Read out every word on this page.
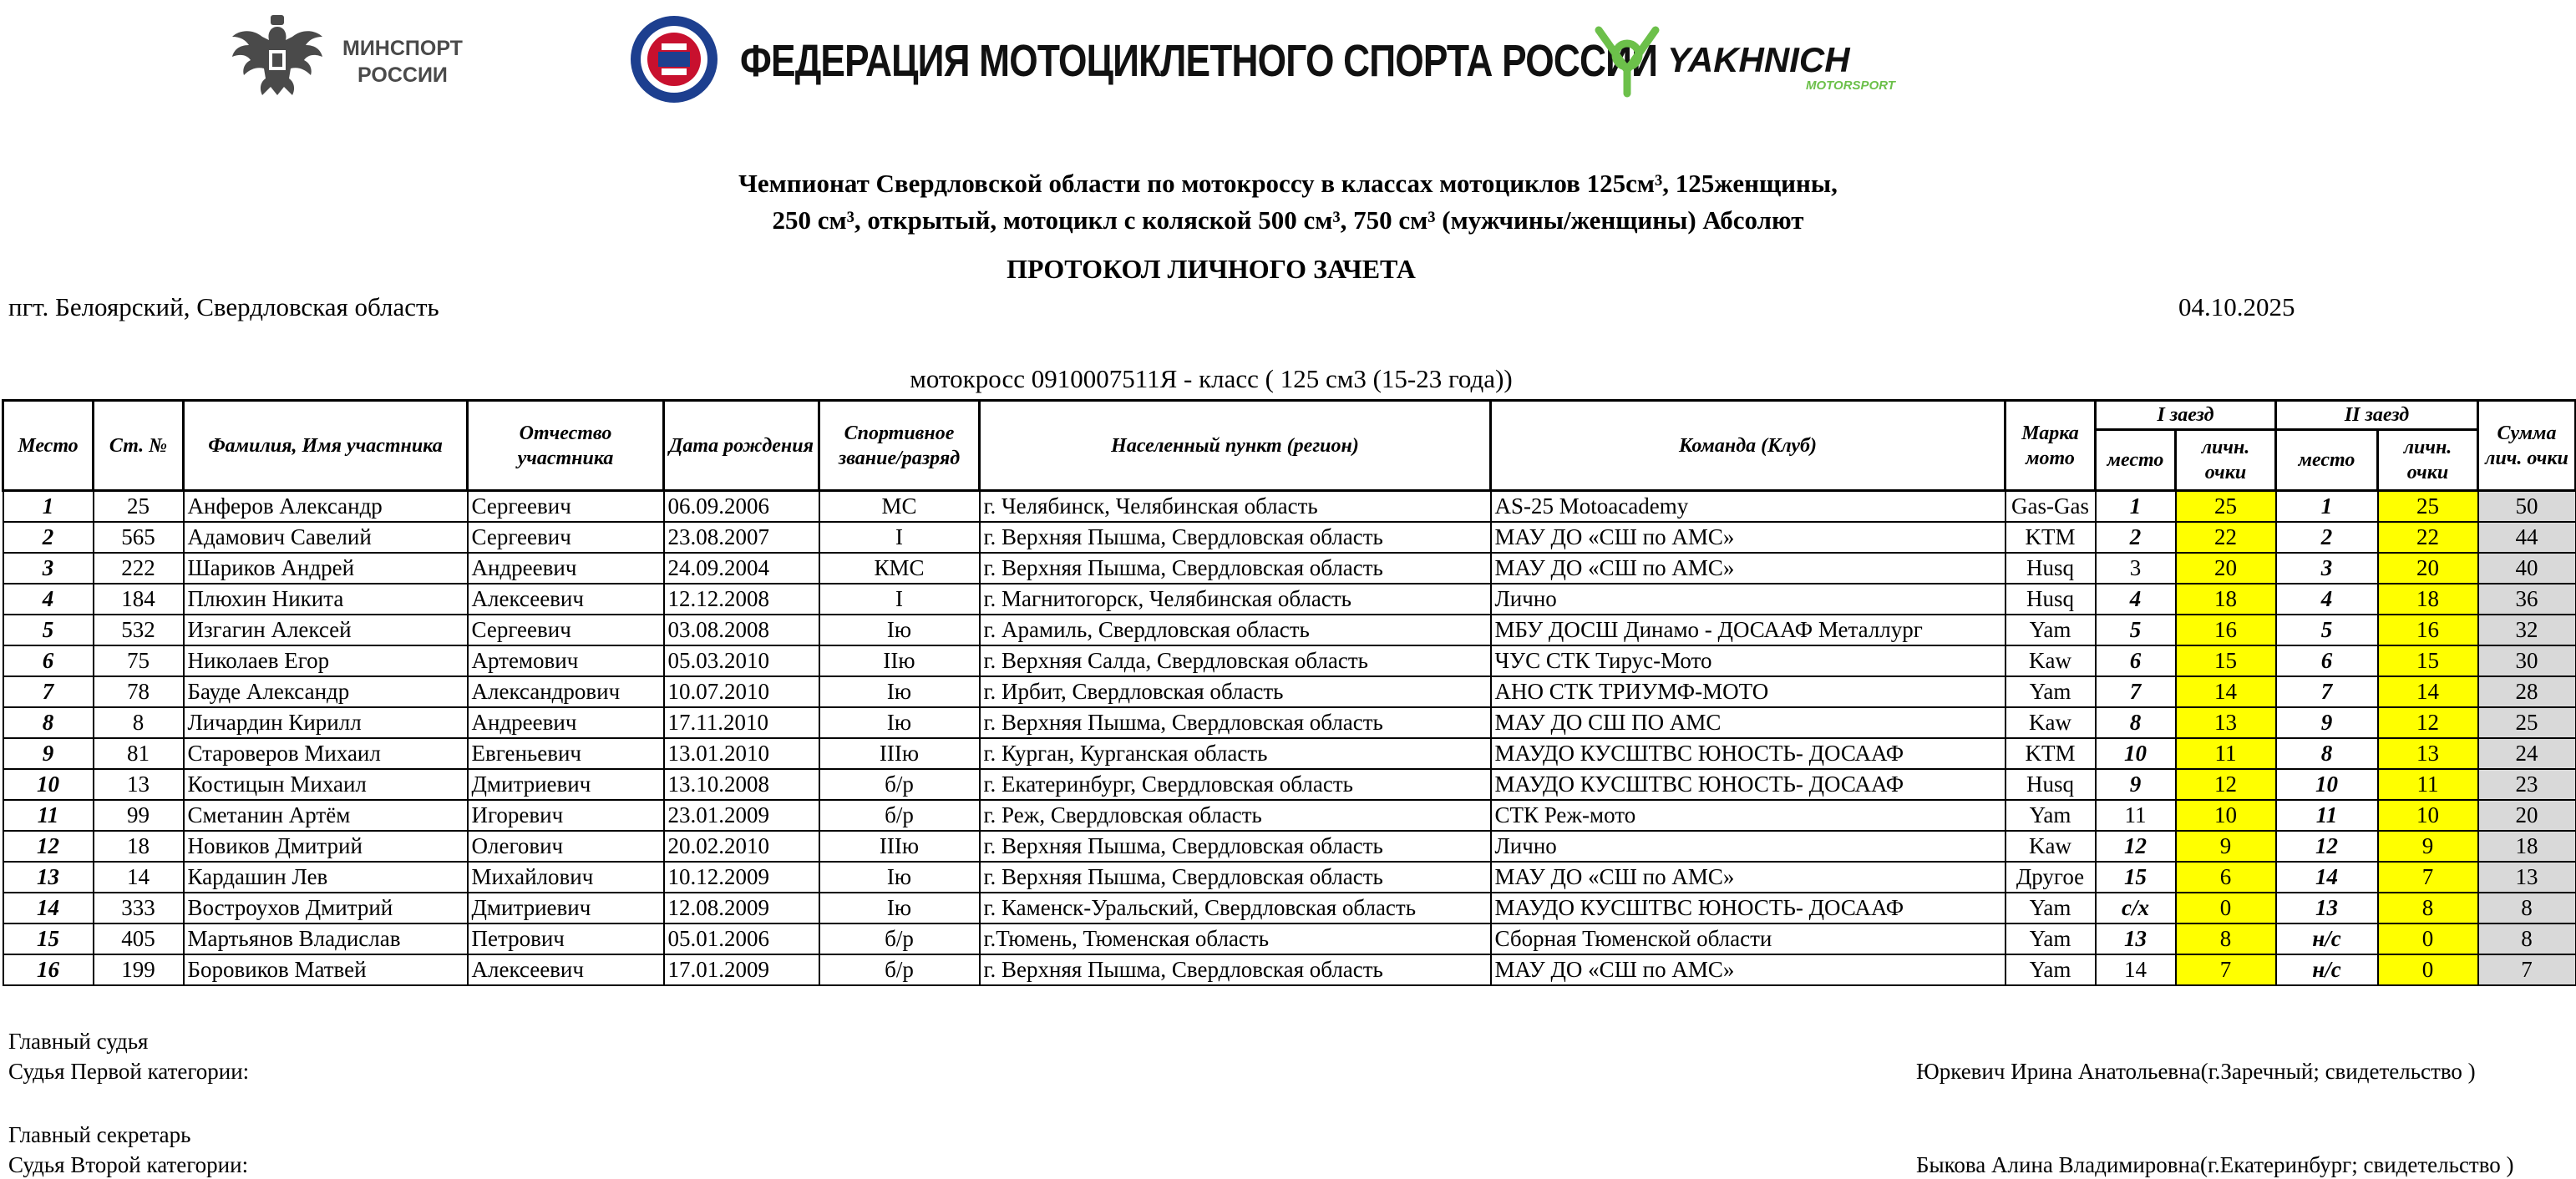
МИНСПОРТ
РОССИИ	ФЕДЕРАЦИЯ МОТОЦИКЛЕТНОГО СПОРТА РОССИИ YAKHNICH
MOTORSPORT
Чемпионат Свердловской области по мотокроссу в классах мотоциклов 125см³, 125женщины,
250 см³, открытый, мотоцикл с коляской 500 см³, 750 см³ (мужчины/женщины) Абсолют
ПРОТОКОЛ ЛИЧНОГО ЗАЧЕТА
пгт. Белоярский, Свердловская область	04.10.2025
мотокросс 0910007511Я - класс ( 125 см3 (15-23 года))
Место	Ст. №	Фамилия, Имя участника	Отчество участника	Дата рождения	Спортивное звание/разряд	Населенный пункт (регион)	Команда (Клуб)	Марка мото	I заезд		II заезд		Сумма лич. очки
									место	личн. очки	место	личн. очки	
1	25	Анферов Александр	Сергеевич	06.09.2006	МС	г. Челябинск, Челябинская область	AS-25 Motoacademy	Gas-Gas	1	25	1	25	50
2	565	Адамович Савелий	Сергеевич	23.08.2007	I	г. Верхняя Пышма, Свердловская область	МАУ ДО «СШ по АМС»	KTM	2	22	2	22	44
3	222	Шариков Андрей	Андреевич	24.09.2004	КМС	г. Верхняя Пышма, Свердловская область	МАУ ДО «СШ по АМС»	Husq	3	20	3	20	40
4	184	Плюхин Никита	Алексеевич	12.12.2008	I	г. Магнитогорск, Челябинская область	Лично	Husq	4	18	4	18	36
5	532	Изгагин Алексей	Сергеевич	03.08.2008	Iю	г. Арамиль, Свердловская область	МБУ ДОСШ Динамо - ДОСААФ Металлург	Yam	5	16	5	16	32
6	75	Николаев Егор	Артемович	05.03.2010	IIю	г. Верхняя Салда, Свердловская область	ЧУС СТК Тирус-Мото	Kaw	6	15	6	15	30
7	78	Бауде Александр	Александрович	10.07.2010	Iю	г. Ирбит, Свердловская область	АНО СТК ТРИУМФ-МОТО	Yam	7	14	7	14	28
8	8	Личардин Кирилл	Андреевич	17.11.2010	Iю	г. Верхняя Пышма, Свердловская область	МАУ ДО СШ ПО АМС	Kaw	8	13	9	12	25
9	81	Староверов Михаил	Евгеньевич	13.01.2010	IIIю	г. Курган, Курганская область	МАУДО КУСШТВС ЮНОСТЬ- ДОСААФ	KTM	10	11	8	13	24
10	13	Костицын Михаил	Дмитриевич	13.10.2008	б/р	г. Екатеринбург, Свердловская область	МАУДО КУСШТВС ЮНОСТЬ- ДОСААФ	Husq	9	12	10	11	23
11	99	Сметанин Артём	Игоревич	23.01.2009	б/р	г. Реж, Свердловская область	СТК Реж-мото	Yam	11	10	11	10	20
12	18	Новиков Дмитрий	Олегович	20.02.2010	IIIю	г. Верхняя Пышма, Свердловская область	Лично	Kaw	12	9	12	9	18
13	14	Кардашин Лев	Михайлович	10.12.2009	Iю	г. Верхняя Пышма, Свердловская область	МАУ ДО «СШ по АМС»	Другое	15	6	14	7	13
14	333	Востроухов Дмитрий	Дмитриевич	12.08.2009	Iю	г. Каменск-Уральский, Свердловская область	МАУДО КУСШТВС ЮНОСТЬ- ДОСААФ	Yam	с/х	0	13	8	8
15	405	Мартьянов Владислав	Петрович	05.01.2006	б/р	г.Тюмень, Тюменская область	Сборная Тюменской области	Yam	13	8	н/с	0	8
16	199	Боровиков Матвей	Алексеевич	17.01.2009	б/р	г. Верхняя Пышма, Свердловская область	МАУ ДО «СШ по АМС»	Yam	14	7	н/с	0	7
Главный судья
Судья Первой категории:	Юркевич Ирина Анатольевна(г.Заречный; свидетельство )
Главный секретарь
Судья Второй категории:	Быкова Алина Владимировна(г.Екатеринбург; свидетельство )
